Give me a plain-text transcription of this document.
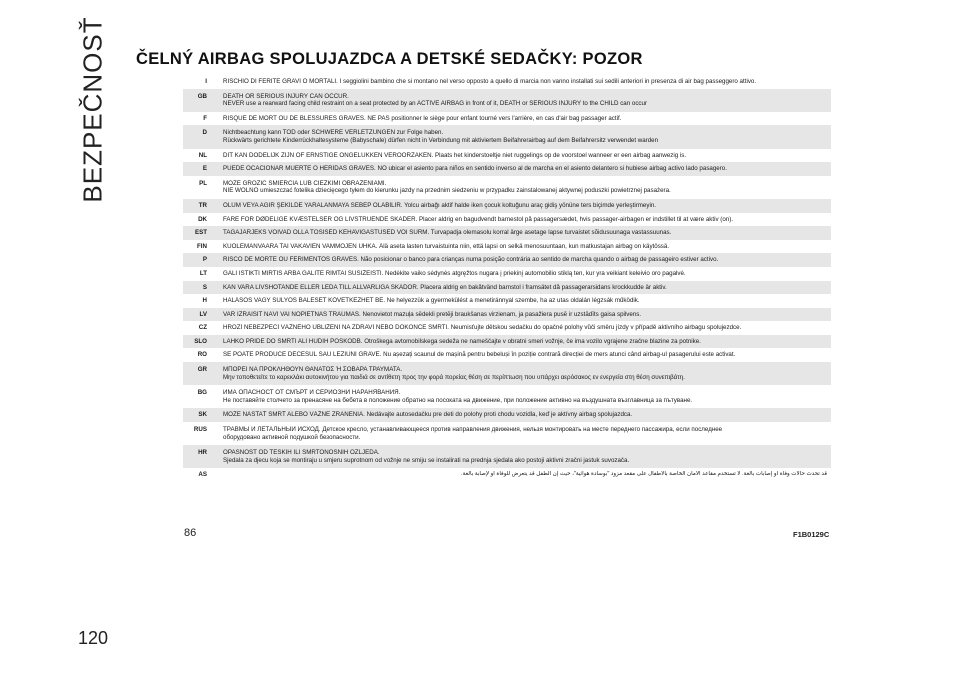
BEZPEČNOSŤ ČELNÝ AIRBAG SPOLUJAZDCA A DETSKÉ SEDAČKY: POZOR
I	RISCHIO DI FERITE GRAVI O MORTALI. I seggiolini bambino che si montano nel verso opposto a quello di marcia non vanno installati sui sedili anteriori in presenza di air bag passeggero attivo.

GB	DEATH OR SERIOUS INJURY CAN OCCUR.
NEVER use a rearward facing child restraint on a seat protected by an ACTIVE AIRBAG in front of it, DEATH or SERIOUS INJURY to the CHILD can occur

F	RISQUE DE MORT OU DE BLESSURES GRAVES. NE PAS positionner le siège pour enfant tourné vers l'arrière, en cas d'air bag passager actif.

D	Nichtbeachtung kann TOD oder SCHWERE VERLETZUNGEN zur Folge haben.
Rückwärts gerichtete Kinderrückhaltesysteme (Babyschale) dürfen nicht in Verbindung mit aktiviertem Beifahrerairbag auf dem Beifahrersitz verwendet warden

NL	DIT KAN DODELIJK ZIJN OF ERNSTIGE ONGELUKKEN VEROORZAKEN. Plaats het kinderstoeltje niet ruggelings op de voorstoel wanneer er een airbag aanwezig is.

E	PUEDE OCACIONAR MUERTE O HERIDAS GRAVES. NO ubicar el asiento para niños en sentido inverso al de marcha en el asiento delantero si hubiese airbag activo lado pasagero.

PL	MOŻE GROZIĆ ŚMIERCIA LUB CIEŻKIMI OBRAŻENIAMI.
NIE WOLNO umieszczać fotelika dziecięcego tyłem do kierunku jazdy na przednim siedzeniu w przypadku zainstalowanej aktywnej poduszki powietrznej pasażera.

TR	ÖLÜM VEYA AĞIR ŞEKİLDE YARALANMAYA SEBEP OLABİLİR. Yolcu airbağı aktif halde iken çocuk koltuğunu araç gidiş yönüne ters biçimde yerleştirmeyin.

DK	FARE FOR DØDELIGE KVÆSTELSER OG LIVSTRUENDE SKADER. Placer aldrig en bagudvendt barnestol på passagersædet, hvis passager-airbagen er indstillet til at være aktiv (on).

EST	TAGAJÄRJEKS VÕIVAD OLLA TÕSISED KEHAVIGASTUSED VÕI SURM. Turvapadja olemasolu korral ärge asetage lapse turvaistet sõidusuunaga vastassuunas.

FIN	KUOLEMANVAARA TAI VAKAVIEN VAMMOJEN UHKA. Älä aseta lasten turvaistuinta niin, että lapsi on selkä menosuuntaan, kun matkustajan airbag on käytössä.

P	RISCO DE MORTE OU FERIMENTOS GRAVES. Não posicionar o banco para crianças numa posição contrária ao sentido de marcha quando o airbag de passageiro estiver activo.

LT	GALI IŠTIKTI MIRTIS ARBA GALITE RIMTAI SUSIŽEISTI. Nedėkite vaiko sėdynės atgręžtos nugara į priekinį automobilio stiklą ten, kur yra veikiant keleivio oro pagalvė.

S	KAN VARA LIVSHOTANDE ELLER LEDA TILL ALLVARLIGA SKADOR. Placera aldrig en bakåtvänd barnstol i framsätet då passagerarsidans krockkudde är aktiv.

H	HALÁSOS VAGY SÚLYOS BALESET KÖVETKEZHET BE. Ne helyezzük a gyermekülést a menetiránnyal szembe, ha az utas oldalán légzsák működik.

LV	VAR IZRAISĪT NĀVI VAI NOPIETNAS TRAUMAS. Nenovietot mazuļa sēdekli pretēji braukšanas virzienam, ja pasažiera pusē ir uzstādīts gaisa spilvens.

CZ	HROZÍ NEBEZPEČÍ VÁŽNÉHO ÚBLIŽENÍ NA ZDRAVÍ NEBO DOKONCE SMRTI. Neumisťujte dětskou sedačku do opačné polohy vůči směru jízdy v případě aktivního airbagu spolujezdce.

SLO	LAHKO PRIDE DO SMRTI ALI HUDIH POŠKODB. Otroškega avtomobilskega sedeža ne nameščajte v obratni smeri vožnje, če ima vozilo vgrajene zračne blazine za potnike.

RO	SE POATE PRODUCE DECESUL SAU LEZIUNI GRAVE. Nu așezați scaunul de mașină pentru bebeluși în poziție contrară direcției de mers atunci când airbag-ul pasagerului este activat.

GR	ΜΠΟΡΕΙ ΝΑ ΠΡΟΚΛΗΘΟΥΝ ΘΑΝΑΤΟΣ Ή ΣΟΒΑΡΑ ΤΡΑΥΜΑΤΑ.
Μην τοποθετείτε το καρεκλάκι αυτοκινήτου για παιδιά σε αντίθετη προς την φορά πορείας θέση σε περίπτωση που υπάρχει αερόσακος εν ενεργεία στη θέση συνεπιβάτη.

BG	ИМА ОПАСНОСТ ОТ СМЪРТ И СЕРИОЗНИ НАРАНЯВАНИЯ.
Не поставяйте столчето за пренасяне на бебета в положение обратно на посоката на движение, при положение активно на въздушната възглавница за пътуване.

SK	MÔŽE NASTAŤ SMRŤ ALEBO VÁŽNE ZRANENIA. Nedávajte autosedačku pre deti do polohy proti chodu vozidla, keď je aktívny airbag spolujazdca.

RUS	ТРАВМЫ И ЛЕТАЛЬНЫЙ ИСХОД. Детское кресло, устанавливающееся против направления движения, нельзя монтировать на месте переднего пассажира, если последнее
оборудовано активной подушкой безопасности.

HR	OPASNOST OD TEŠKIH ILI SMRTONOSNIH OZLJEDA.
Sjedala za djecu koja se montiraju u smjeru suprotnom od vožnje ne smiju se instalirati na prednja sjedala ako postoji aktivni zračni jastuk suvozača.

AS	قد تحدث حالات وفاة أو إصابات بالغة. لا تستخدم مقاعد الأمان الخاصة بالأطفال على مقعد مزود "بوسادة هوائية"، حيث إن الطفل قد يتعرض للوفاة أو لإصابة بالغة.
86	F1B0129C
120
